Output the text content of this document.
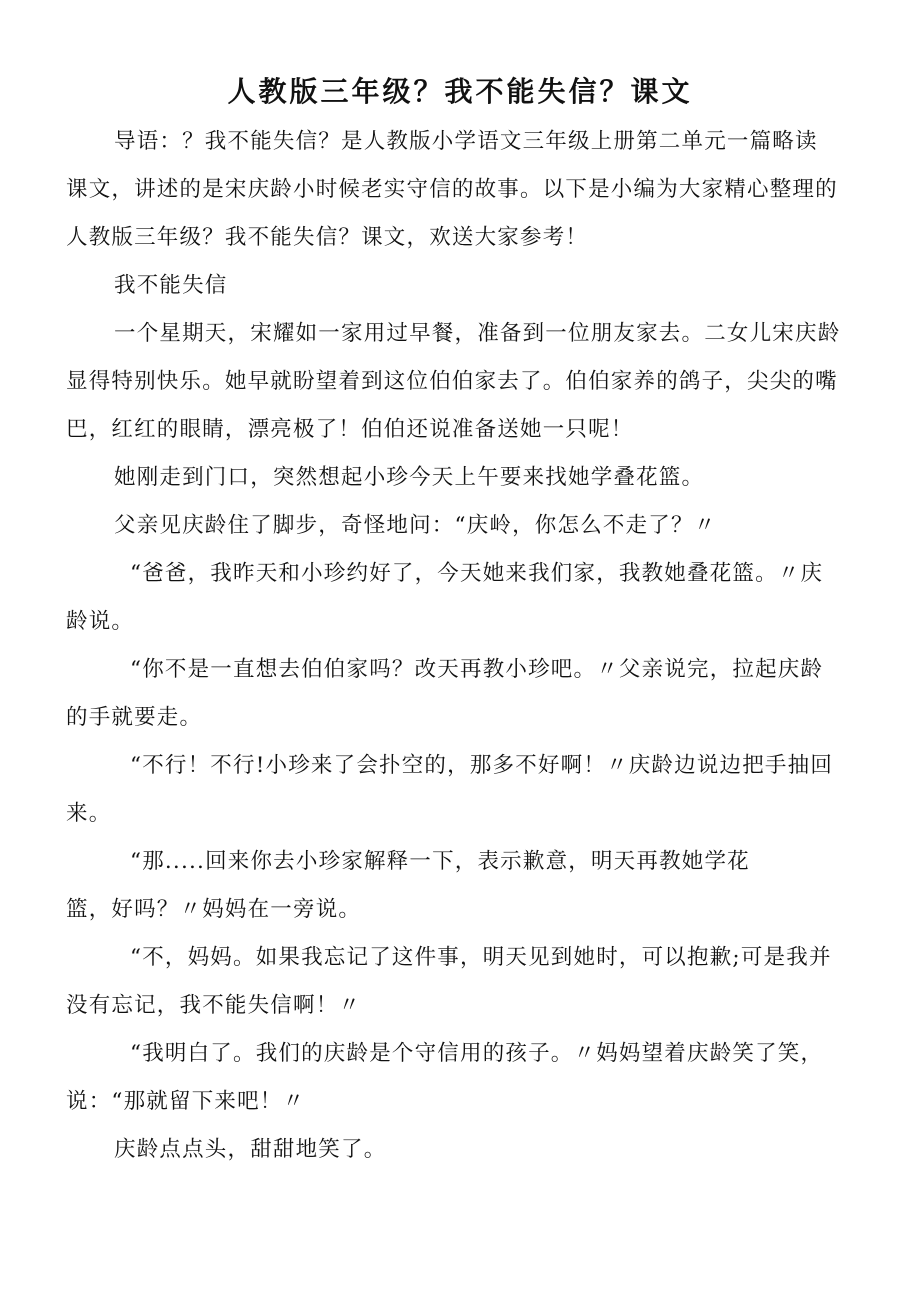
人教版三年级？我不能失信？课文
导语：？我不能失信？是人教版小学语文三年级上册第二单元一篇略读
课文，讲述的是宋庆龄小时候老实守信的故事。以下是小编为大家精心整理的
人教版三年级？我不能失信？课文，欢送大家参考！
我不能失信
一个星期天，宋耀如一家用过早餐，准备到一位朋友家去。二女儿宋庆龄
显得特别快乐。她早就盼望着到这位伯伯家去了。伯伯家养的鸽子，尖尖的嘴
巴，红红的眼睛，漂亮极了！伯伯还说准备送她一只呢！
她刚走到门口，突然想起小珍今天上午要来找她学叠花篮。
父亲见庆龄住了脚步，奇怪地问：“庆岭，你怎么不走了？〃
“爸爸，我昨天和小珍约好了，今天她来我们家，我教她叠花篮。〃庆
龄说。
“你不是一直想去伯伯家吗？改天再教小珍吧。〃父亲说完，拉起庆龄
的手就要走。
“不行！不行!小珍来了会扑空的，那多不好啊！〃庆龄边说边把手抽回
来。
“那.....回来你去小珍家解释一下，表示歉意，明天再教她学花
篮，好吗？〃妈妈在一旁说。
“不，妈妈。如果我忘记了这件事，明天见到她时，可以抱歉;可是我并
没有忘记，我不能失信啊！〃
“我明白了。我们的庆龄是个守信用的孩子。〃妈妈望着庆龄笑了笑，
说：“那就留下来吧！〃
庆龄点点头，甜甜地笑了。
